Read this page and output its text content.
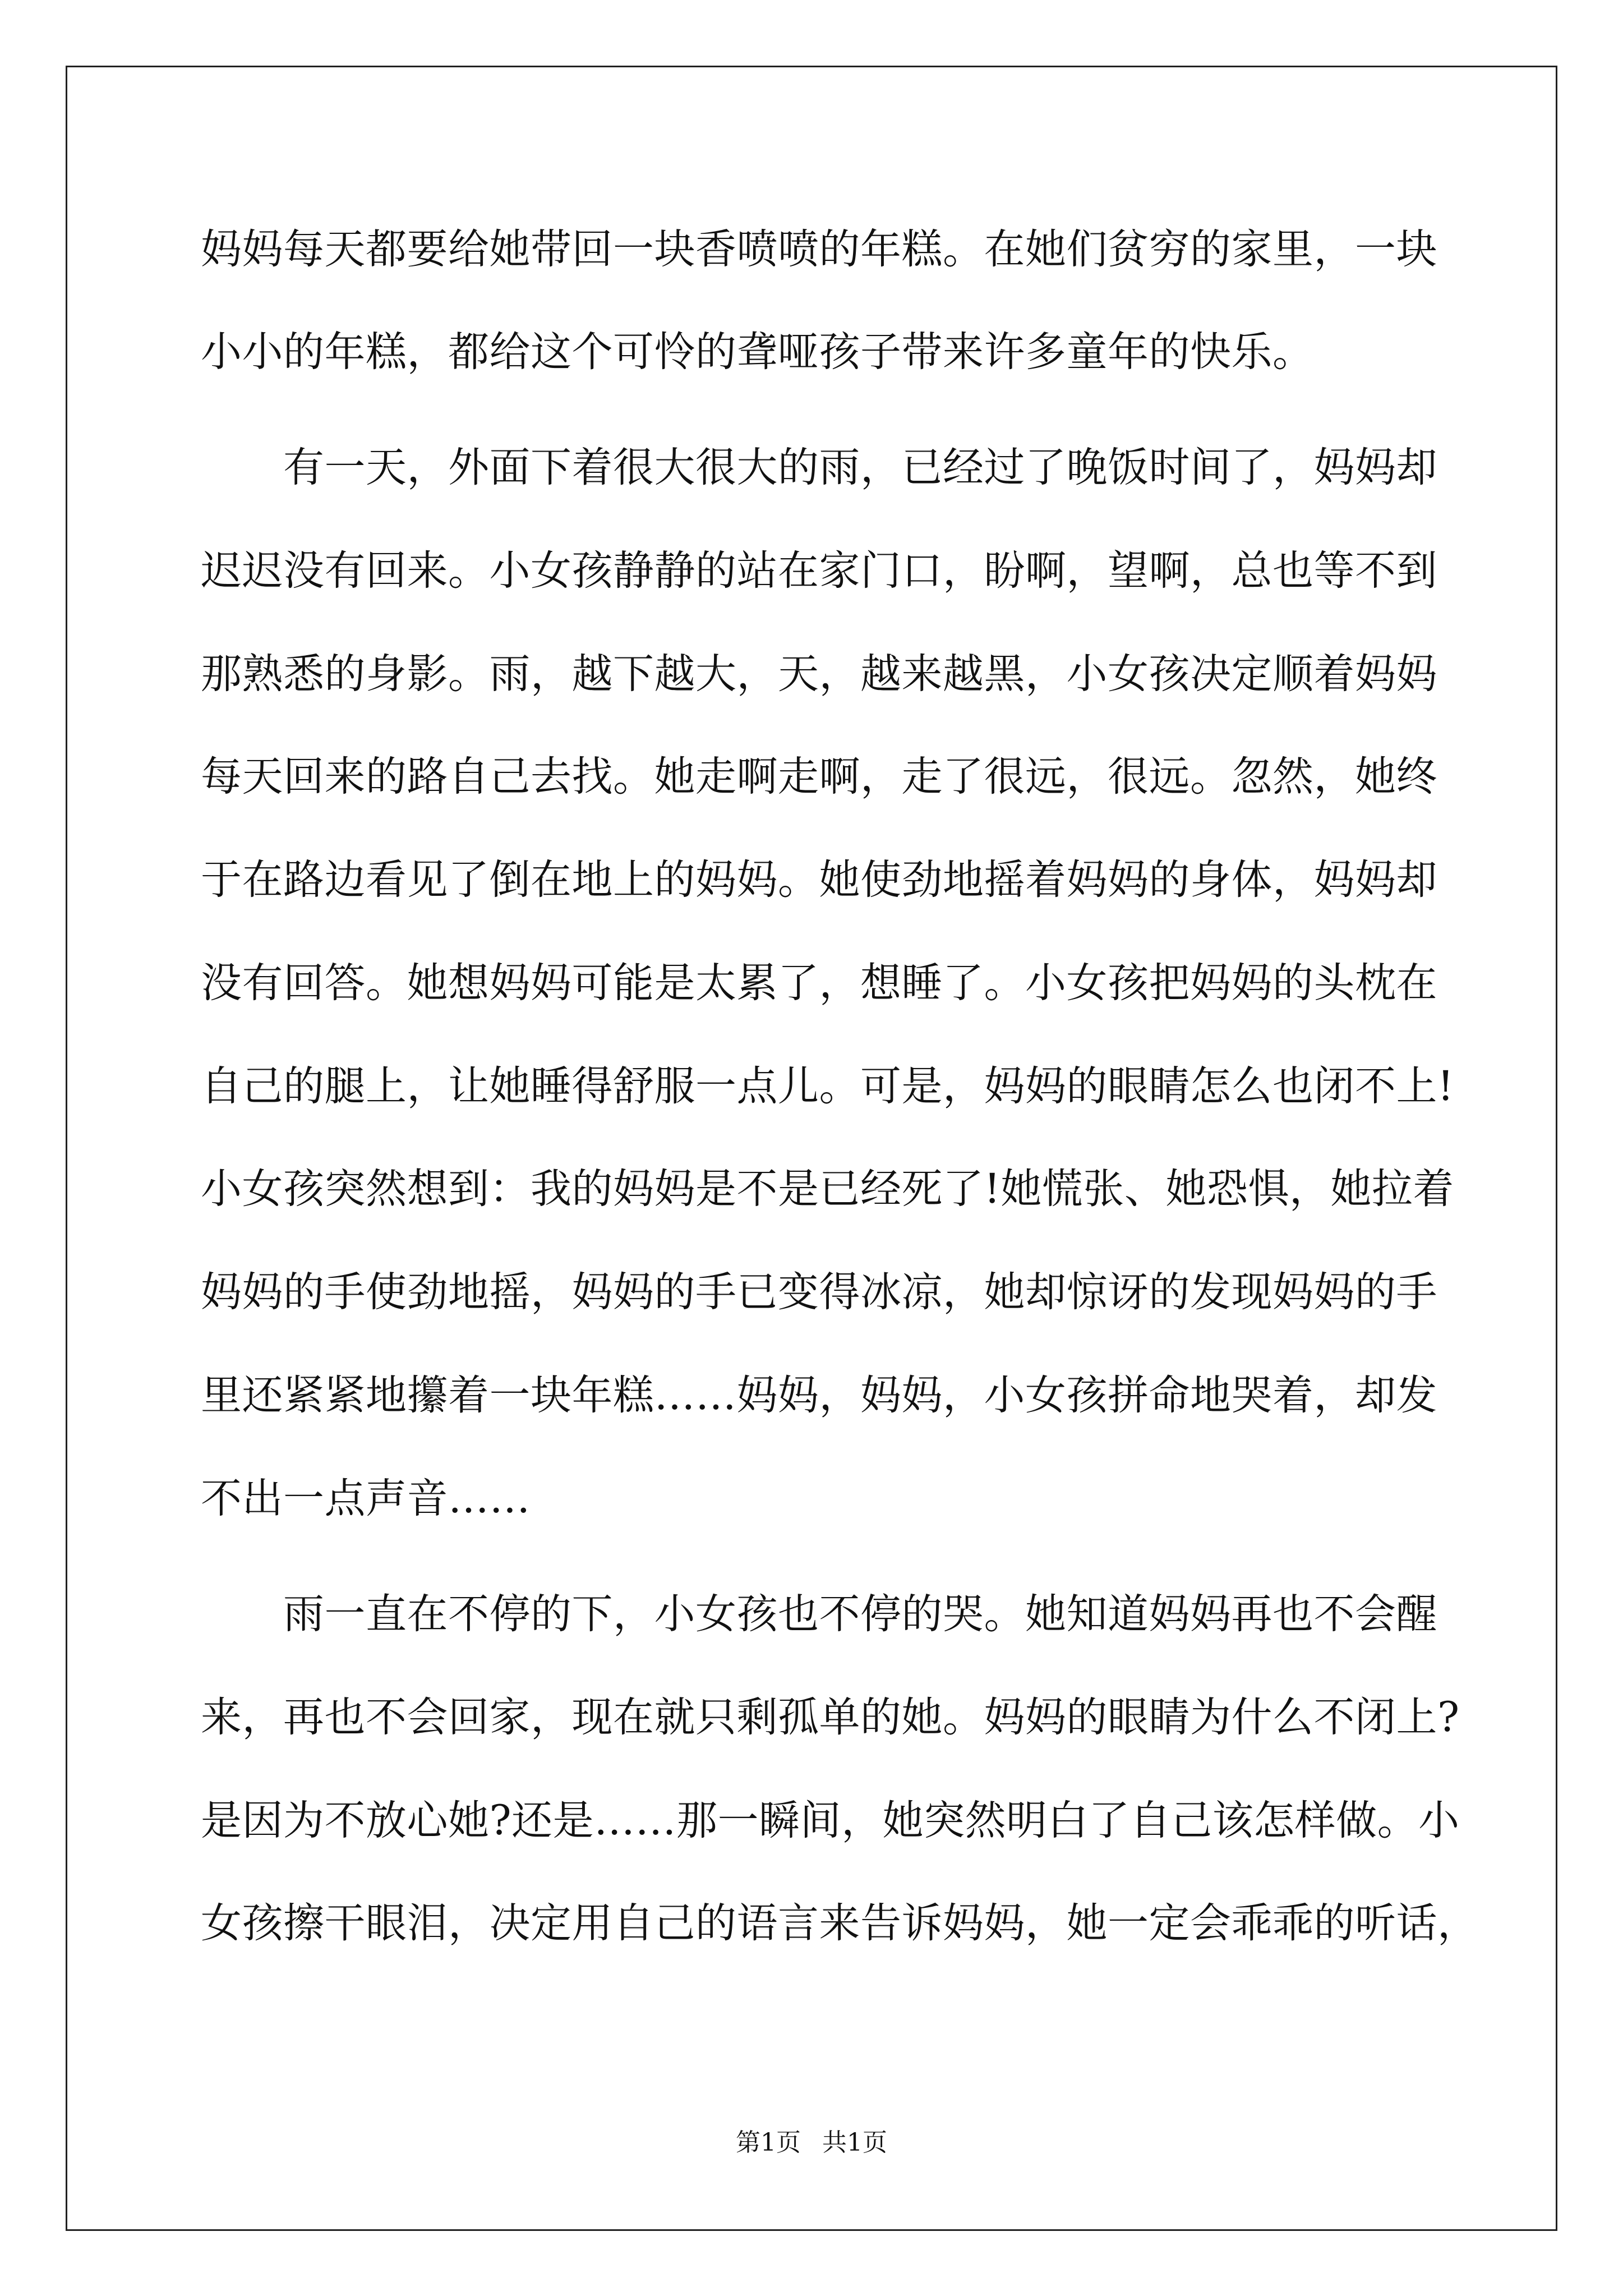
妈妈每天都要给她带回一块香喷喷的年糕。在她们贫穷的家里，一块
小小的年糕，都给这个可怜的聋哑孩子带来许多童年的快乐。
　　有一天，外面下着很大很大的雨，已经过了晚饭时间了，妈妈却
迟迟没有回来。小女孩静静的站在家门口，盼啊，望啊，总也等不到
那熟悉的身影。雨，越下越大，天，越来越黑，小女孩决定顺着妈妈
每天回来的路自己去找。她走啊走啊，走了很远，很远。忽然，她终
于在路边看见了倒在地上的妈妈。她使劲地摇着妈妈的身体，妈妈却
没有回答。她想妈妈可能是太累了，想睡了。小女孩把妈妈的头枕在
自己的腿上，让她睡得舒服一点儿。可是，妈妈的眼睛怎么也闭不上!
小女孩突然想到：我的妈妈是不是已经死了!她慌张、她恐惧，她拉着
妈妈的手使劲地摇，妈妈的手已变得冰凉，她却惊讶的发现妈妈的手
里还紧紧地攥着一块年糕……妈妈，妈妈，小女孩拼命地哭着，却发
不出一点声音……
　　雨一直在不停的下，小女孩也不停的哭。她知道妈妈再也不会醒
来，再也不会回家，现在就只剩孤单的她。妈妈的眼睛为什么不闭上?
是因为不放心她?还是……那一瞬间，她突然明白了自己该怎样做。小
女孩擦干眼泪，决定用自己的语言来告诉妈妈，她一定会乖乖的听话，
第1页 共1页
